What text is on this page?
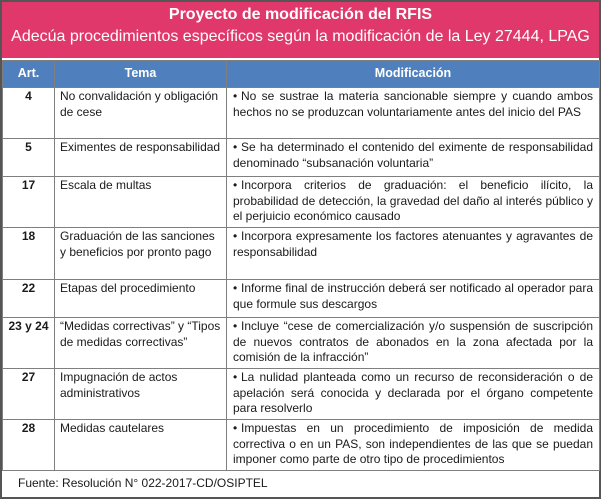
Proyecto de modificación del RFIS
Adecúa procedimientos específicos según la modificación de la Ley 27444, LPAG
Art.	Tema	Modificación
4	No convalidación y obligación de cese	• No se sustrae la materia sancionable siempre y cuando ambos hechos no se produzcan voluntariamente antes del inicio del PAS
5	Eximentes de responsabilidad	• Se ha determinado el contenido del eximente de responsabilidad denominado “subsanación voluntaria”
17	Escala de multas	• Incorpora criterios de graduación: el beneficio ilícito, la probabilidad de detección, la gravedad del daño al interés público y el perjuicio económico causado
18	Graduación de las sanciones y beneficios por pronto pago	• Incorpora expresamente los factores atenuantes y agravantes de responsabilidad
22	Etapas del procedimiento	• Informe final de instrucción deberá ser notificado al operador para que formule sus descargos
23 y 24	“Medidas correctivas” y “Tipos de medidas correctivas”	• Incluye “cese de comercialización y/o suspensión de suscripción de nuevos contratos de abonados en la zona afectada por la comisión de la infracción”
27	Impugnación de actos administrativos	• La nulidad planteada como un recurso de reconsideración o de apelación será conocida y declarada por el órgano competente para resolverlo
28	Medidas cautelares	• Impuestas en un procedimiento de imposición de medida correctiva o en un PAS, son independientes de las que se puedan imponer como parte de otro tipo de procedimientos
Fuente: Resolución N° 022-2017-CD/OSIPTEL
